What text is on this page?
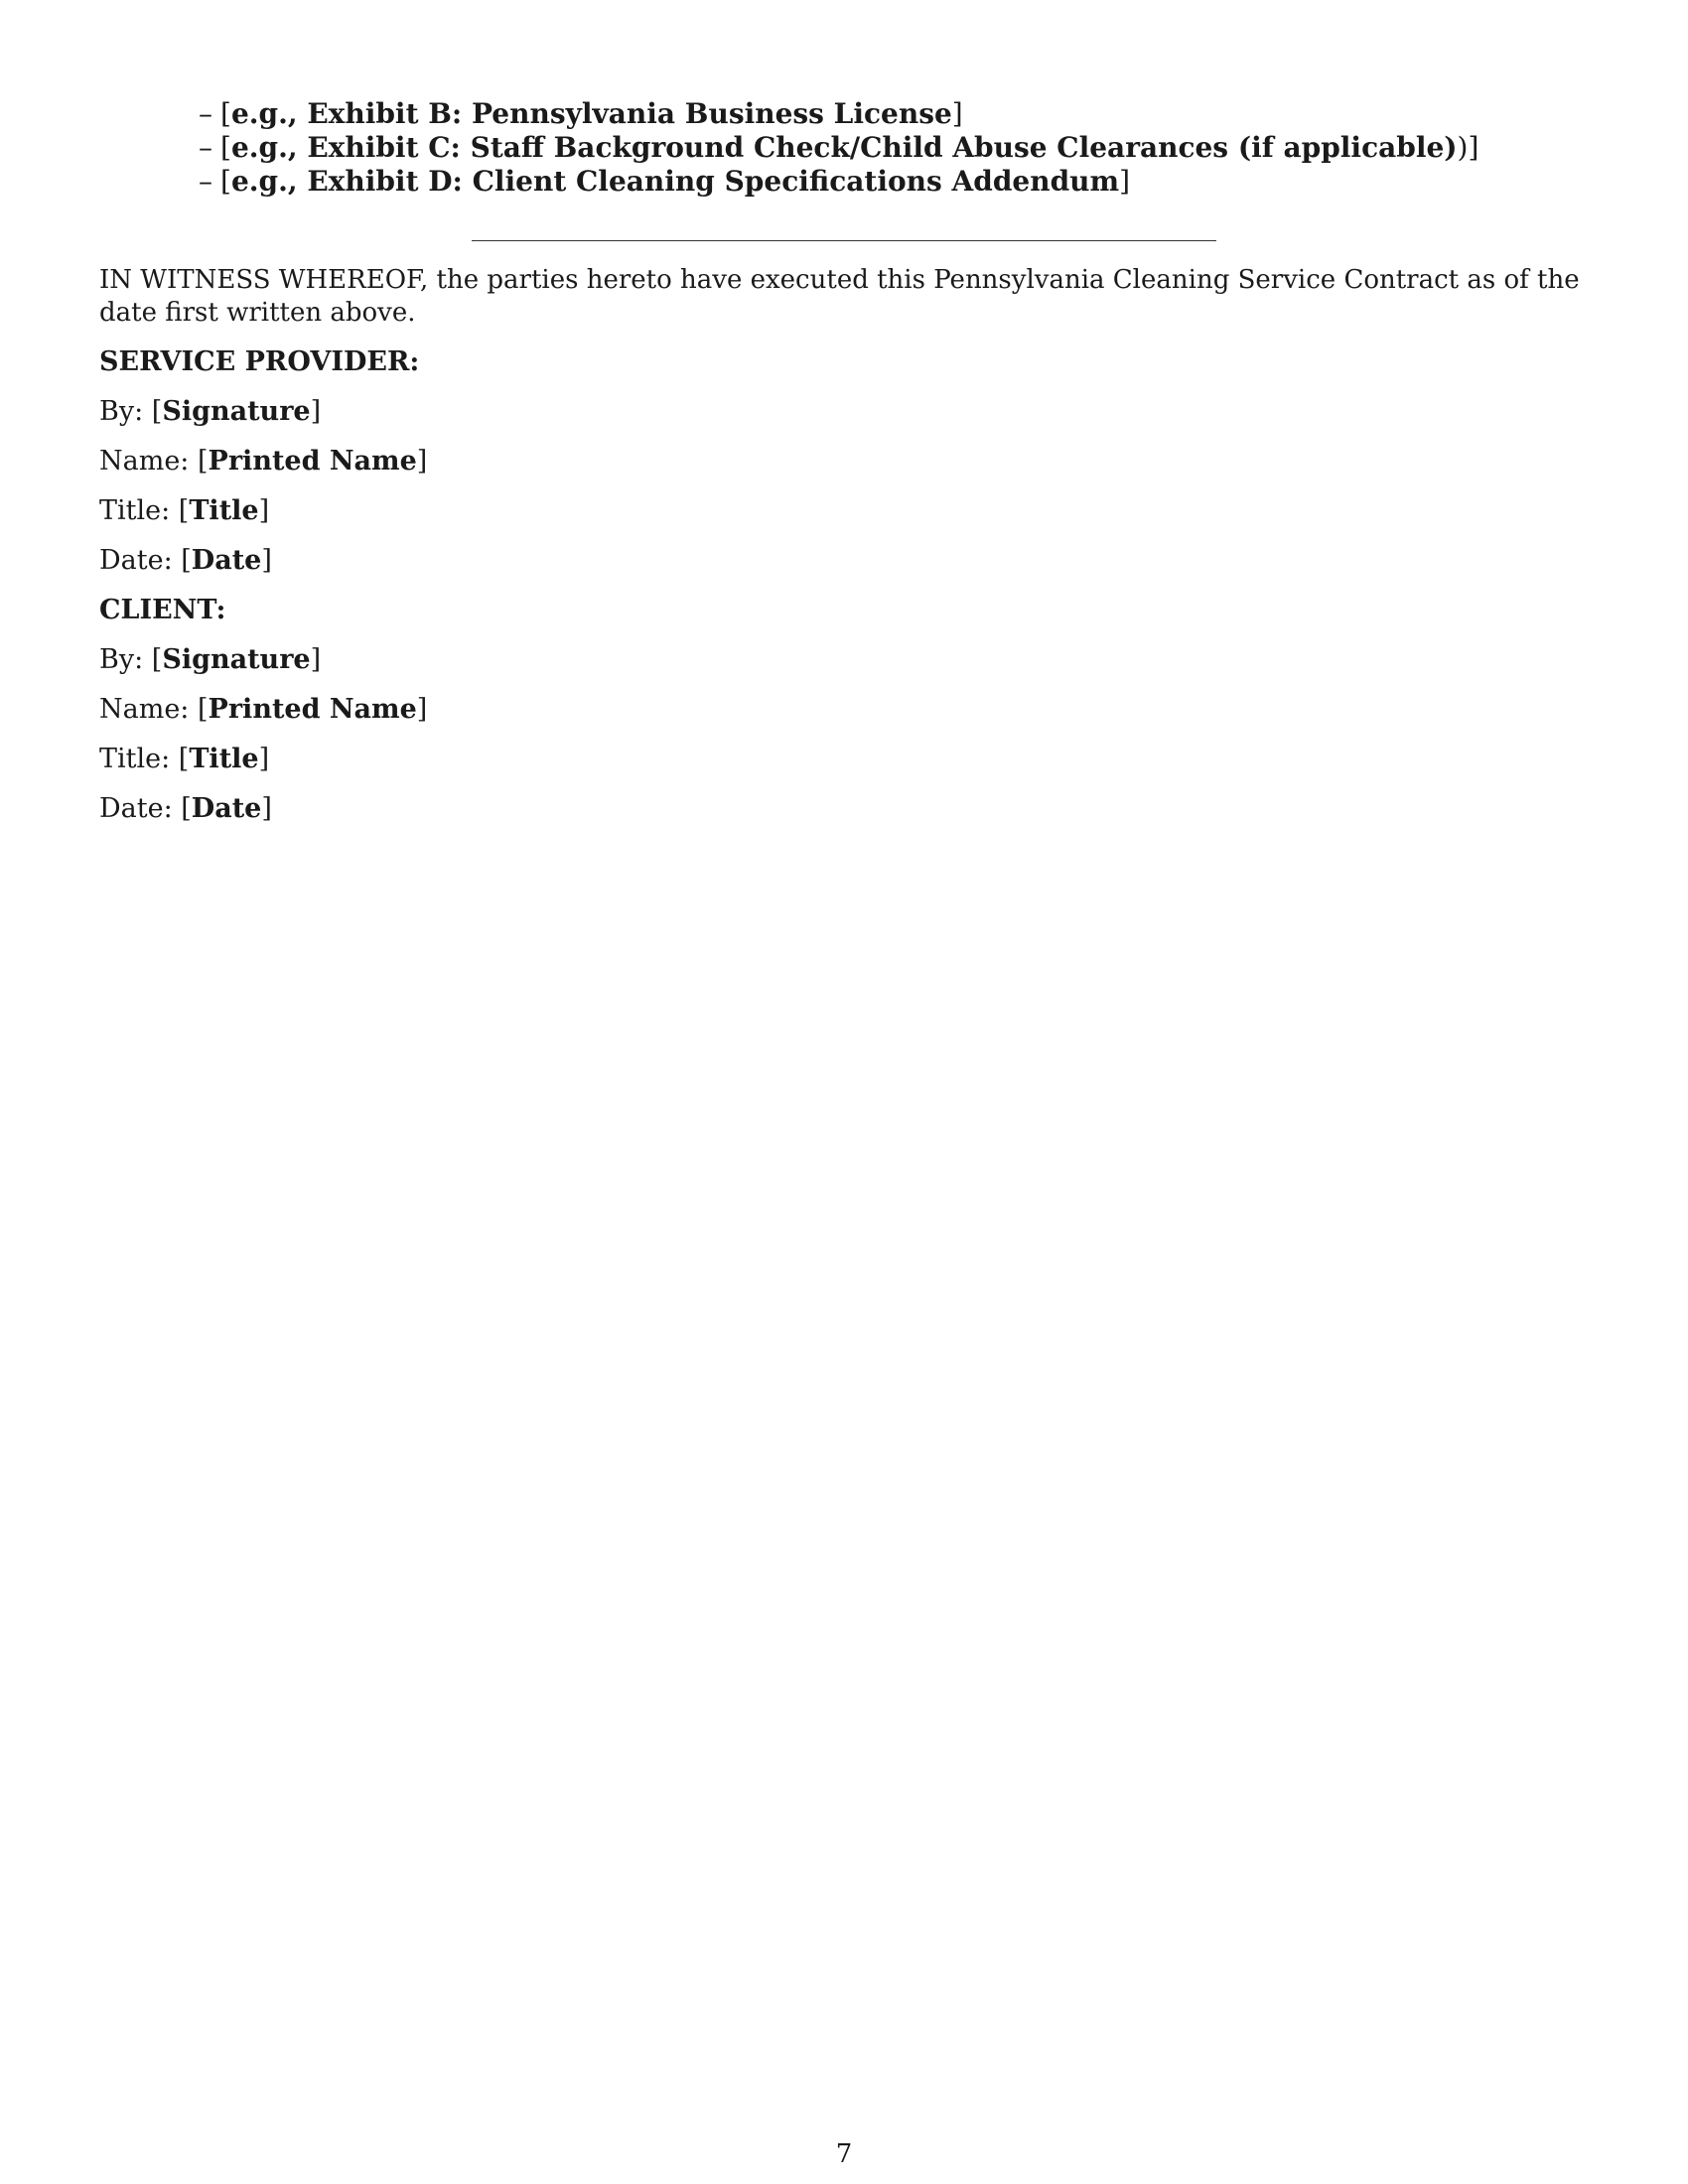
– [e.g., Exhibit B: Pennsylvania Business License]
– [e.g., Exhibit C: Staff Background Check/Child Abuse Clearances (if applicable))]
– [e.g., Exhibit D: Client Cleaning Specifications Addendum]

IN WITNESS WHEREOF, the parties hereto have executed this Pennsylvania Cleaning Service Contract as of the date first written above.

SERVICE PROVIDER:

By: [Signature]

Name: [Printed Name]

Title: [Title]

Date: [Date]

CLIENT:

By: [Signature]

Name: [Printed Name]

Title: [Title]

Date: [Date]

7
